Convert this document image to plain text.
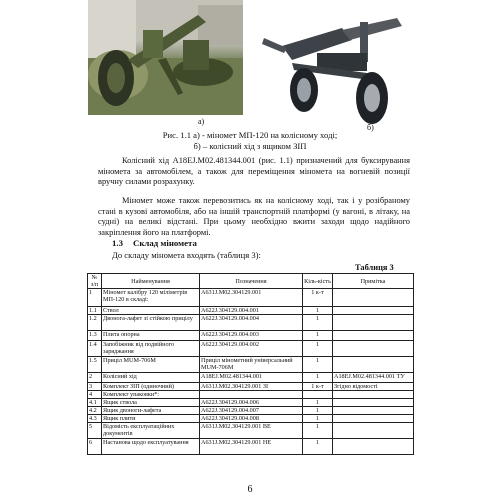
а)
б)
Рис. 1.1 а) - міномет МП-120 на колісному ході;
б) – колісний хід з ящиком ЗІП

Колісний хід А18ЕЈ.М02.481344.001 (рис. 1.1) призначений для буксирування мінометa за автомобілем, а також для переміщення міномета на вогневій позиції вручну силами розрахунку.

Міномет може також перевозитись як на колісному ході, так і у розібраному стані в кузові автомобіля, або на іншій транспортній платформі (у вагоні, в літаку, на судні) на великі відстані. При цьому необхідно вжити заходи щодо надійного закріплення його на платформі.

1.3 Склад міномета
До складу міномета входять (таблиця 3):
Таблиця 3
№ з/п	Найменування	Позначення	Кіль-кість	Примітка
1	Міномет калібру 120 міліметрів МП-120 в складі:	А631Ј.М02.304129.001	1 к-т	
1.1	Ствол	А622Ј.304129.004.001	1	
1.2	Двонога-лафет зі стійкою прицілу	А622Ј.304129.004.004	1	
1.3	Плита опорна	А622Ј.304129.004.003	1	
1.4	Запобіжник від подвійного заряджання	А622Ј.304129.004.002	1	
1.5	Приціл МUM-706М	Приціл мінометний універсальний МUM-706М	1	
2	Колісний хід	А18ЕЈ.М02.481344.001	1	А18ЕЈ.М02.481344.001 ТУ
3	Комплект ЗІП (одиночний)	А631Ј.М02.304129.001 ЗІ	1 к-т	Згідно відомості
4	Комплект упаковки*:			
4.1	Ящик ствола	А622Ј.304129.004.006	1	
4.2	Ящик двоноги-лафета	А622Ј.304129.004.007	1	
4.3	Ящик плити	А622Ј.304129.004.008	1	
5	Відомість експлуатаційних документів	А631Ј.М02.304129.001 ВЕ	1	
6	Настанова щодо експлуатування	А631Ј.М02.304129.001 НЕ	1	
6
